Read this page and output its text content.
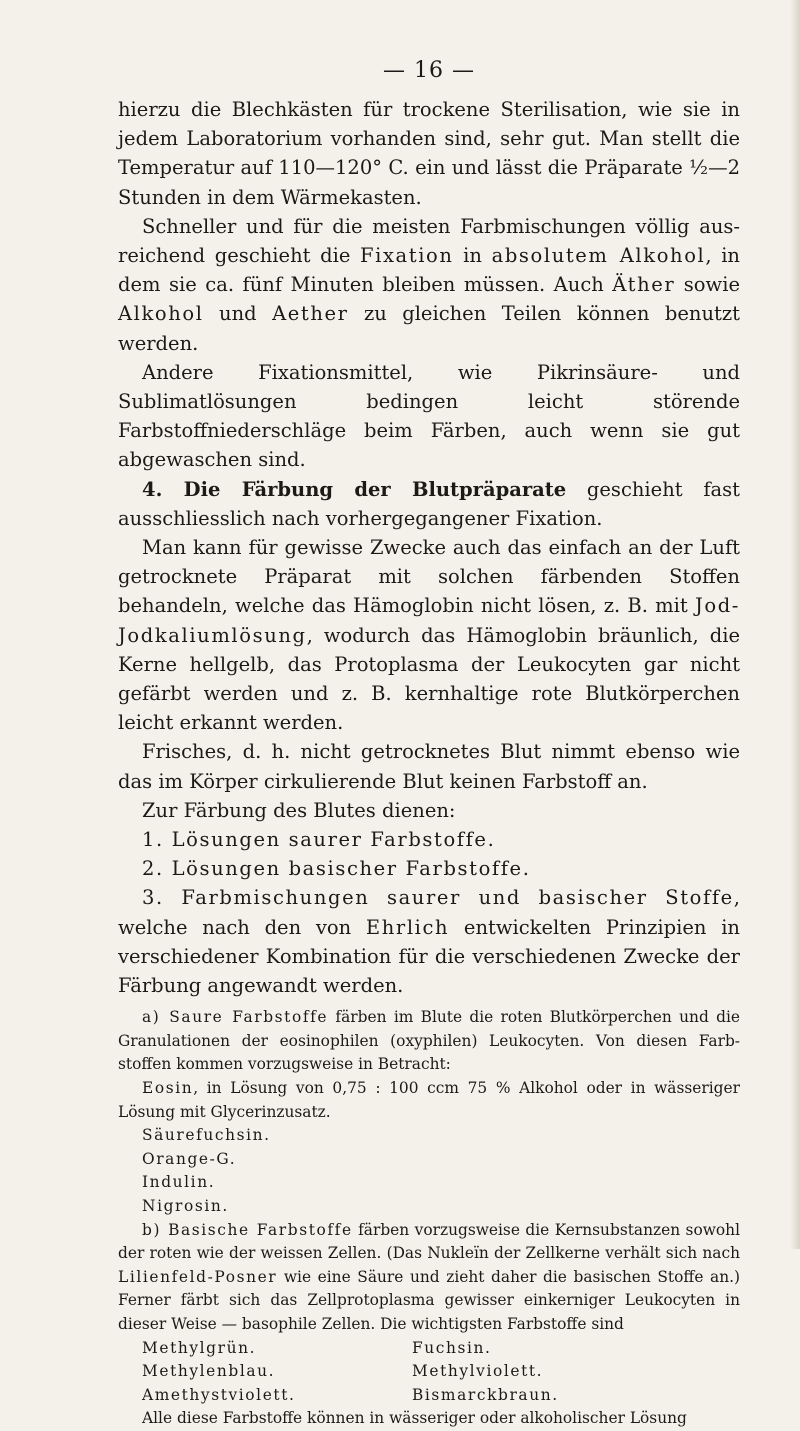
— 16 —

hierzu die Blechkästen für trockene Sterilisation, wie sie in jedem Laboratorium vorhanden sind, sehr gut. Man stellt die Temperatur auf 110—120° C. ein und lässt die Präparate ½—2 Stunden in dem Wärmekasten.

Schneller und für die meisten Farbmischungen völlig ausreichend geschieht die Fixation in absolutem Alkohol, in dem sie ca. fünf Minuten bleiben müssen. Auch Äther sowie Alkohol und Aether zu gleichen Teilen können benutzt werden.

Andere Fixationsmittel, wie Pikrinsäure- und Sublimatlösungen bedingen leicht störende Farbstoffniederschläge beim Färben, auch wenn sie gut abgewaschen sind.

4. Die Färbung der Blutpräparate geschieht fast ausschliesslich nach vorhergegangener Fixation.

Man kann für gewisse Zwecke auch das einfach an der Luft getrocknete Präparat mit solchen färbenden Stoffen behandeln, welche das Hämoglobin nicht lösen, z. B. mit Jod-Jodkaliumlösung, wodurch das Hämoglobin bräunlich, die Kerne hellgelb, das Protoplasma der Leukocyten gar nicht gefärbt werden und z. B. kernhaltige rote Blutkörperchen leicht erkannt werden.

Frisches, d. h. nicht getrocknetes Blut nimmt ebenso wie das im Körper cirkulierende Blut keinen Farbstoff an.

Zur Färbung des Blutes dienen:

1. Lösungen saurer Farbstoffe.

2. Lösungen basischer Farbstoffe.

3. Farbmischungen saurer und basischer Stoffe, welche nach den von Ehrlich entwickelten Prinzipien in verschiedener Kombination für die verschiedenen Zwecke der Färbung angewandt werden.

a) Saure Farbstoffe färben im Blute die roten Blutkörperchen und die Granulationen der eosinophilen (oxyphilen) Leukocyten. Von diesen Farbstoffen kommen vorzugsweise in Betracht:

Eosin, in Lösung von 0,75 : 100 ccm 75 % Alkohol oder in wässeriger Lösung mit Glycerinzusatz.

Säurefuchsin.

Orange-G.

Indulin.

Nigrosin.

b) Basische Farbstoffe färben vorzugsweise die Kernsubstanzen sowohl der roten wie der weissen Zellen. (Das Nukleïn der Zellkerne verhält sich nach Lilienfeld-Posner wie eine Säure und zieht daher die basischen Stoffe an.) Ferner färbt sich das Zellprotoplasma gewisser einkerniger Leukocyten in dieser Weise — basophile Zellen. Die wichtigsten Farbstoffe sind

Methylgrün.	Fuchsin.
Methylenblau.	Methylviolett.
Amethystviolett.	Bismarckbraun.

Alle diese Farbstoffe können in wässeriger oder alkoholischer Lösung
